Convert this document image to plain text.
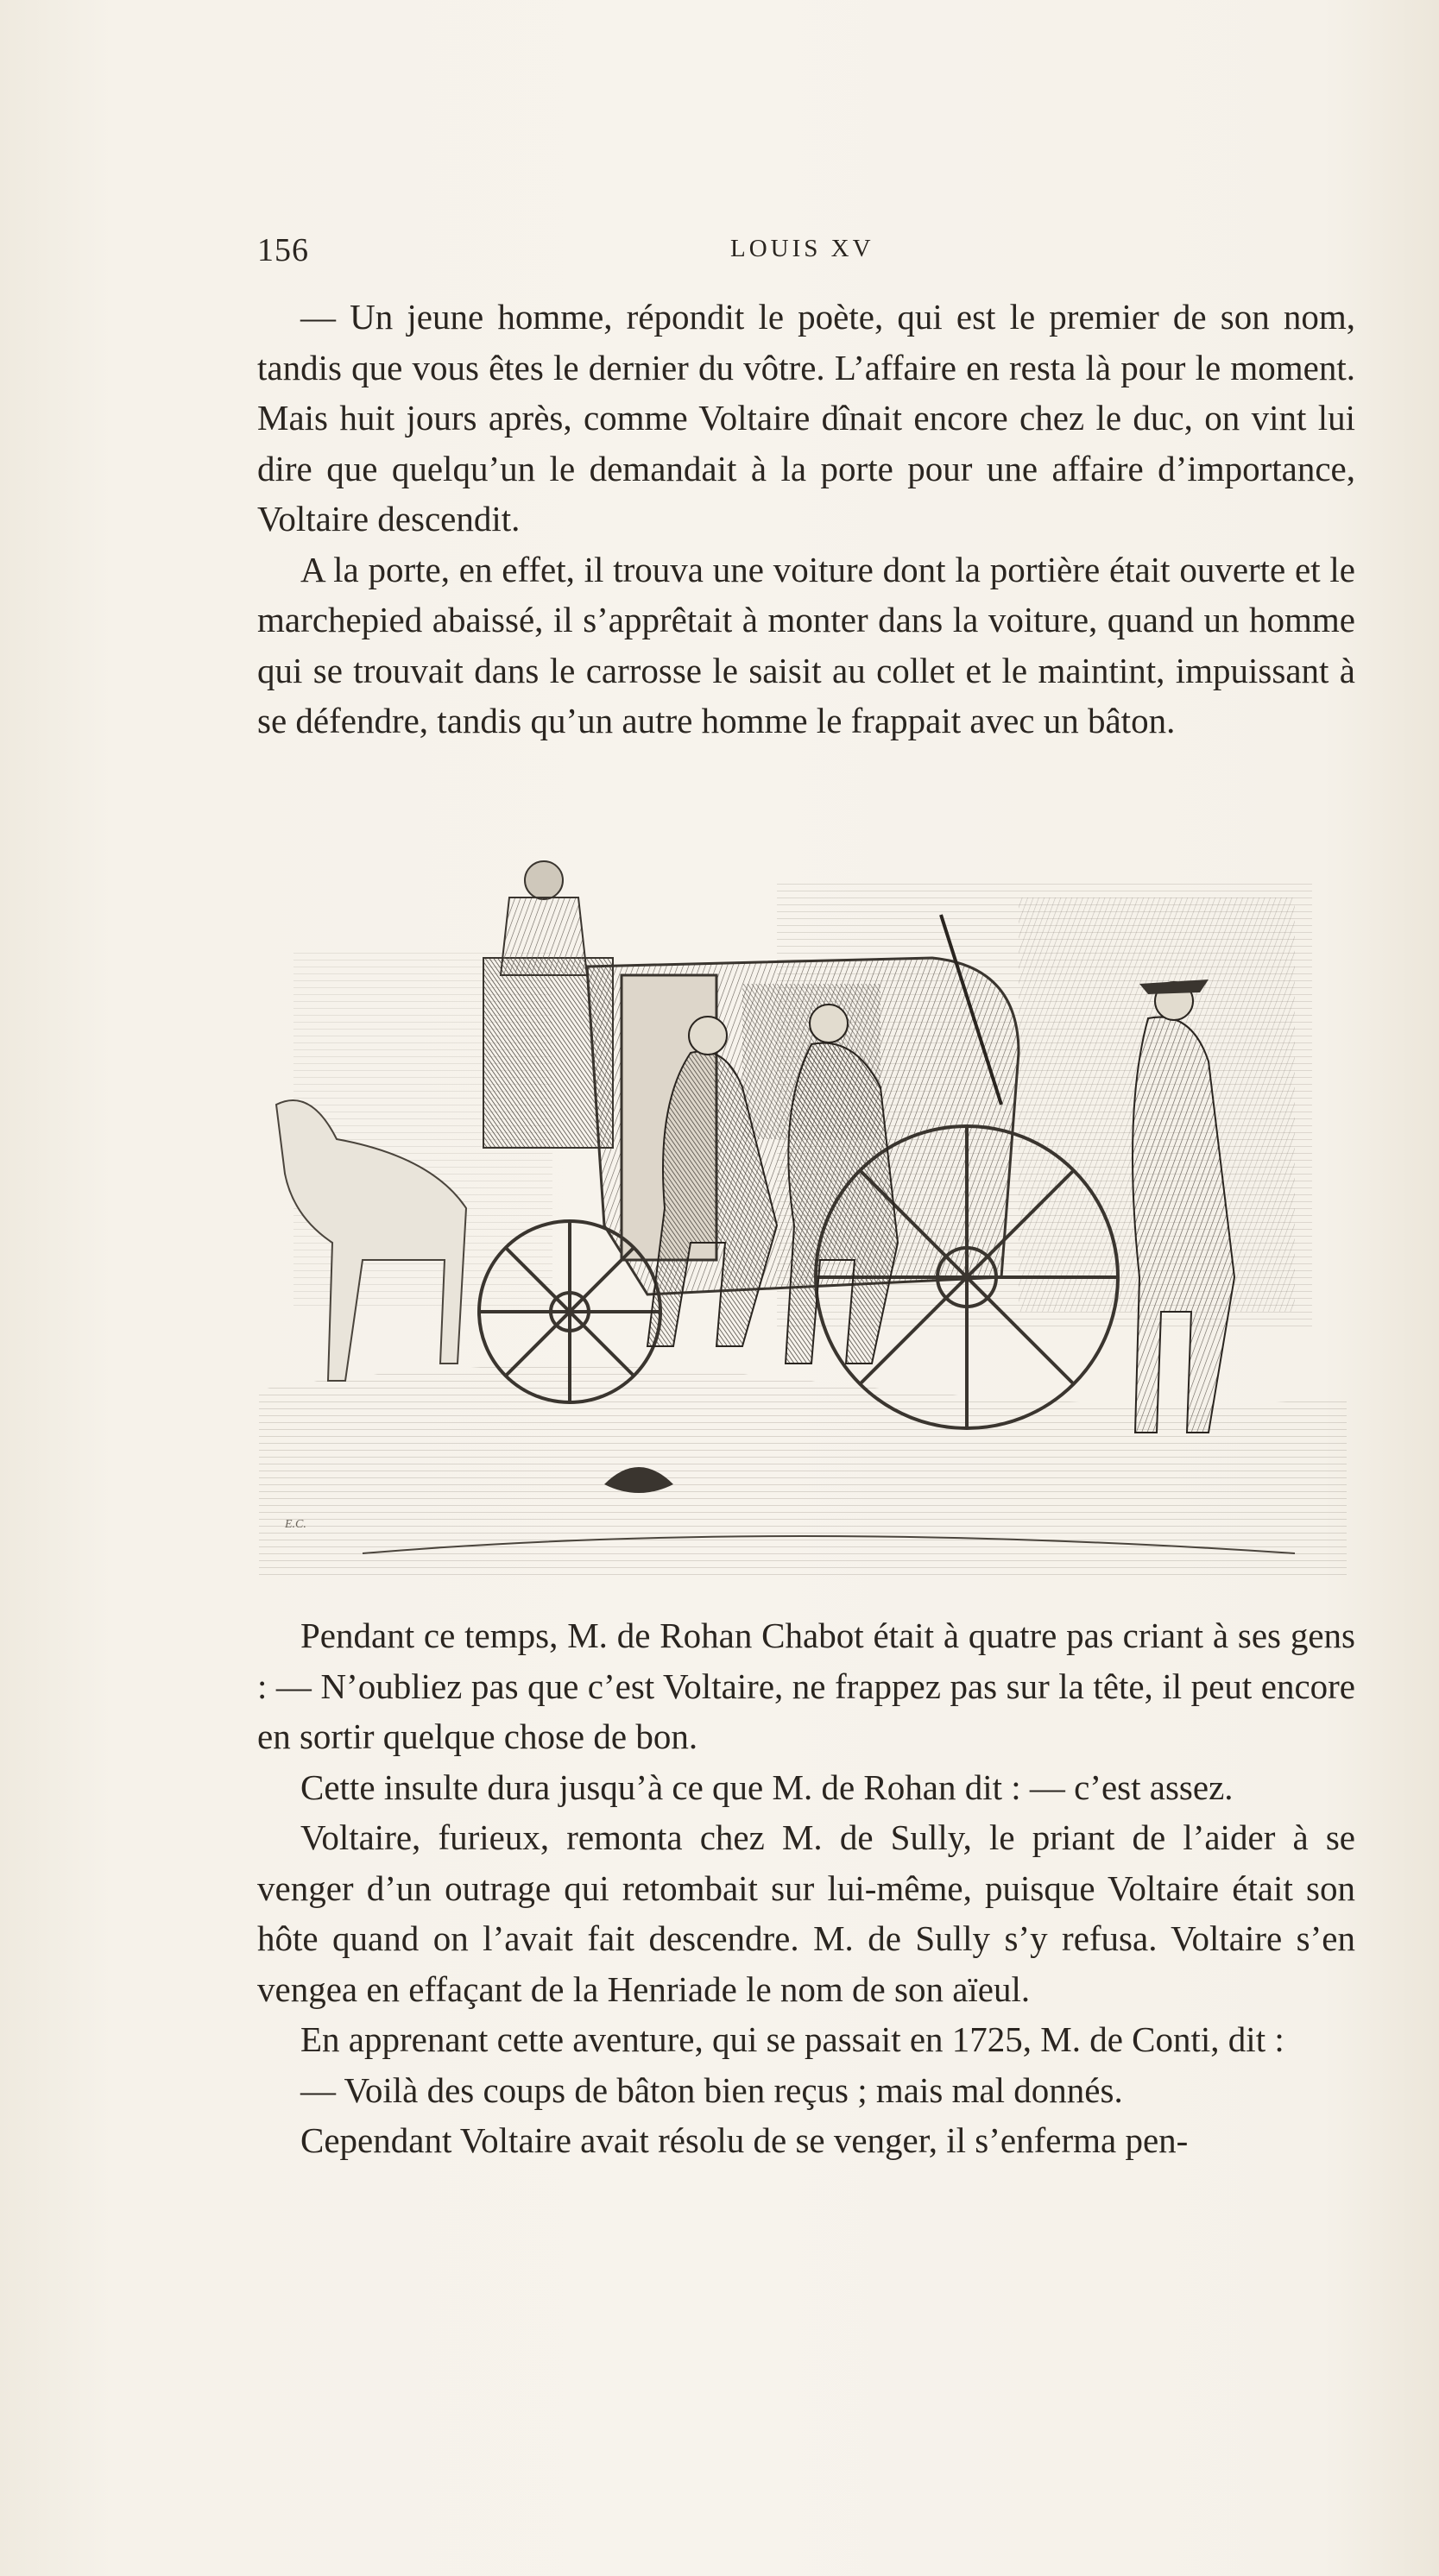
156	LOUIS XV

— Un jeune homme, répondit le poète, qui est le premier de son nom, tandis que vous êtes le dernier du vôtre. L’affaire en resta là pour le moment. Mais huit jours après, comme Voltaire dînait encore chez le duc, on vint lui dire que quelqu’un le demandait à la porte pour une affaire d’importance, Voltaire descendit.

A la porte, en effet, il trouva une voiture dont la portière était ouverte et le marchepied abaissé, il s’apprêtait à monter dans la voiture, quand un homme qui se trouvait dans le carrosse le saisit au collet et le maintint, impuissant à se défendre, tandis qu’un autre homme le frappait avec un bâton.

E.C.

Pendant ce temps, M. de Rohan Chabot était à quatre pas criant à ses gens : — N’oubliez pas que c’est Voltaire, ne frappez pas sur la tête, il peut encore en sortir quelque chose de bon.

Cette insulte dura jusqu’à ce que M. de Rohan dit : — c’est assez.

Voltaire, furieux, remonta chez M. de Sully, le priant de l’aider à se venger d’un outrage qui retombait sur lui-même, puisque Voltaire était son hôte quand on l’avait fait descendre. M. de Sully s’y refusa. Voltaire s’en vengea en effaçant de la Henriade le nom de son aïeul.

En apprenant cette aventure, qui se passait en 1725, M. de Conti, dit :

— Voilà des coups de bâton bien reçus ; mais mal donnés.

Cependant Voltaire avait résolu de se venger, il s’enferma pen-
